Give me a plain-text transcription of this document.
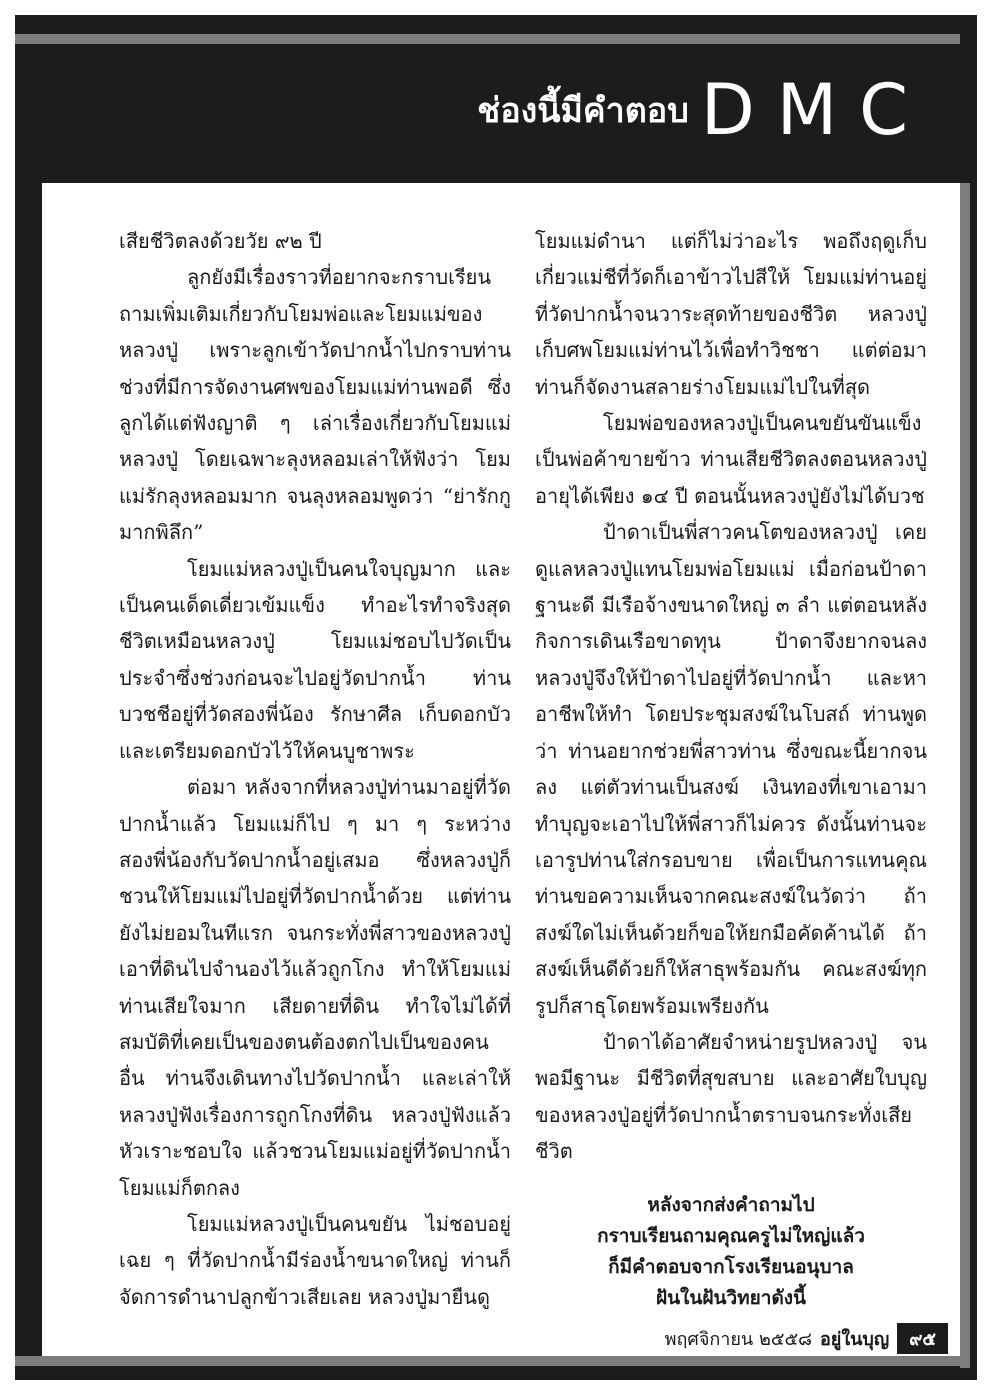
ช่องนี้มีคำตอบ DMC

เสียชีวิตลงด้วยวัย ๙๒ ปี

ลูกยังมีเรื่องราวที่อยากจะกราบเรียนถามเพิ่มเติมเกี่ยวกับโยมพ่อและโยมแม่ของหลวงปู่ เพราะลูกเข้าวัดปากน้ำไปกราบท่านช่วงที่มีการจัดงานศพของโยมแม่ท่านพอดี ซึ่งลูกได้แต่ฟังญาติ ๆ เล่าเรื่องเกี่ยวกับโยมแม่หลวงปู่ โดยเฉพาะลุงหลอมเล่าให้ฟังว่า โยมแม่รักลุงหลอมมาก จนลุงหลอมพูดว่า “ย่ารักกูมากพิลึก”

โยมแม่หลวงปู่เป็นคนใจบุญมาก และเป็นคนเด็ดเดี่ยวเข้มแข็ง ทำอะไรทำจริงสุดชีวิตเหมือนหลวงปู่ โยมแม่ชอบไปวัดเป็นประจำซึ่งช่วงก่อนจะไปอยู่วัดปากน้ำ ท่านบวชชีอยู่ที่วัดสองพี่น้อง รักษาศีล เก็บดอกบัว และเตรียมดอกบัวไว้ให้คนบูชาพระ

ต่อมา หลังจากที่หลวงปู่ท่านมาอยู่ที่วัดปากน้ำแล้ว โยมแม่ก็ไป ๆ มา ๆ ระหว่างสองพี่น้องกับวัดปากน้ำอยู่เสมอ ซึ่งหลวงปู่ก็ชวนให้โยมแม่ไปอยู่ที่วัดปากน้ำด้วย แต่ท่านยังไม่ยอมในทีแรก จนกระทั่งพี่สาวของหลวงปู่เอาที่ดินไปจำนองไว้แล้วถูกโกง ทำให้โยมแม่ท่านเสียใจมาก เสียดายที่ดิน ทำใจไม่ได้ที่สมบัติที่เคยเป็นของตนต้องตกไปเป็นของคนอื่น ท่านจึงเดินทางไปวัดปากน้ำ และเล่าให้หลวงปู่ฟังเรื่องการถูกโกงที่ดิน หลวงปู่ฟังแล้วหัวเราะชอบใจ แล้วชวนโยมแม่อยู่ที่วัดปากน้ำ โยมแม่ก็ตกลง

โยมแม่หลวงปู่เป็นคนขยัน ไม่ชอบอยู่เฉย ๆ ที่วัดปากน้ำมีร่องน้ำขนาดใหญ่ ท่านก็จัดการดำนาปลูกข้าวเสียเลย หลวงปู่มายืนดู

โยมแม่ดำนา แต่ก็ไม่ว่าอะไร พอถึงฤดูเก็บเกี่ยวแม่ชีที่วัดก็เอาข้าวไปสีให้ โยมแม่ท่านอยู่ที่วัดปากน้ำจนวาระสุดท้ายของชีวิต หลวงปู่เก็บศพโยมแม่ท่านไว้เพื่อทำวิชชา แต่ต่อมาท่านก็จัดงานสลายร่างโยมแม่ไปในที่สุด

โยมพ่อของหลวงปู่เป็นคนขยันขันแข็งเป็นพ่อค้าขายข้าว ท่านเสียชีวิตลงตอนหลวงปู่อายุได้เพียง ๑๔ ปี ตอนนั้นหลวงปู่ยังไม่ได้บวช

ป้าดาเป็นพี่สาวคนโตของหลวงปู่ เคยดูแลหลวงปู่แทนโยมพ่อโยมแม่ เมื่อก่อนป้าดาฐานะดี มีเรือจ้างขนาดใหญ่ ๓ ลำ แต่ตอนหลังกิจการเดินเรือขาดทุน ป้าดาจึงยากจนลง หลวงปู่จึงให้ป้าดาไปอยู่ที่วัดปากน้ำ และหาอาชีพให้ทำ โดยประชุมสงฆ์ในโบสถ์ ท่านพูดว่า ท่านอยากช่วยพี่สาวท่าน ซึ่งขณะนี้ยากจนลง แต่ตัวท่านเป็นสงฆ์ เงินทองที่เขาเอามาทำบุญจะเอาไปให้พี่สาวก็ไม่ควร ดังนั้นท่านจะเอารูปท่านใส่กรอบขาย เพื่อเป็นการแทนคุณ ท่านขอความเห็นจากคณะสงฆ์ในวัดว่า ถ้าสงฆ์ใดไม่เห็นด้วยก็ขอให้ยกมือคัดค้านได้ ถ้าสงฆ์เห็นดีด้วยก็ให้สาธุพร้อมกัน คณะสงฆ์ทุกรูปก็สาธุโดยพร้อมเพรียงกัน

ป้าดาได้อาศัยจำหน่ายรูปหลวงปู่ จนพอมีฐานะ มีชีวิตที่สุขสบาย และอาศัยใบบุญของหลวงปู่อยู่ที่วัดปากน้ำตราบจนกระทั่งเสียชีวิต

หลังจากส่งคำถามไป
กราบเรียนถามคุณครูไม่ใหญ่แล้ว
ก็มีคำตอบจากโรงเรียนอนุบาล
ฝันในฝันวิทยาดังนี้
พฤศจิกายน ๒๕๕๘ อยู่ในบุญ	๙๕
